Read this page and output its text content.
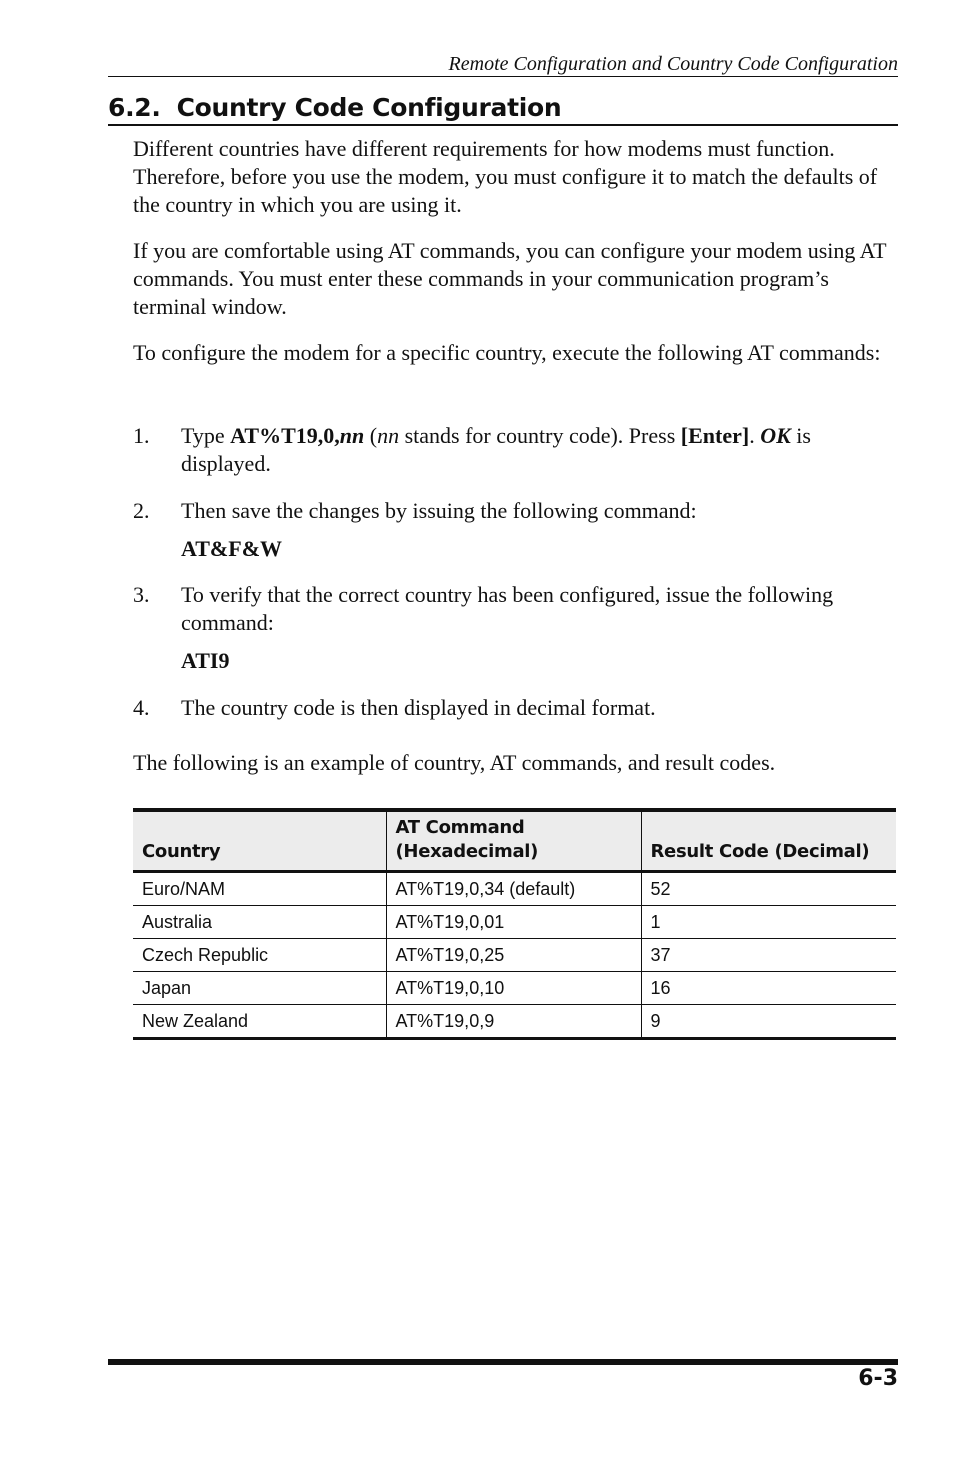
Remote Configuration and Country Code Configuration
6.2. Country Code Configuration

Different countries have different requirements for how modems must function. Therefore, before you use the modem, you must configure it to match the defaults of the country in which you are using it.

If you are comfortable using AT commands, you can configure your modem using AT commands. You must enter these commands in your communication program’s terminal window.

To configure the modem for a specific country, execute the following AT commands:

1. Type AT%T19,0,nn (nn stands for country code). Press [Enter]. OK is displayed.
2. Then save the changes by issuing the following command:
AT&F&W
3. To verify that the correct country has been configured, issue the following command:
ATI9
4. The country code is then displayed in decimal format.

The following is an example of country, AT commands, and result codes.

Country	AT Command (Hexadecimal)	Result Code (Decimal)
Euro/NAM	AT%T19,0,34 (default)	52
Australia	AT%T19,0,01	1
Czech Republic	AT%T19,0,25	37
Japan	AT%T19,0,10	16
New Zealand	AT%T19,0,9	9
6-3
